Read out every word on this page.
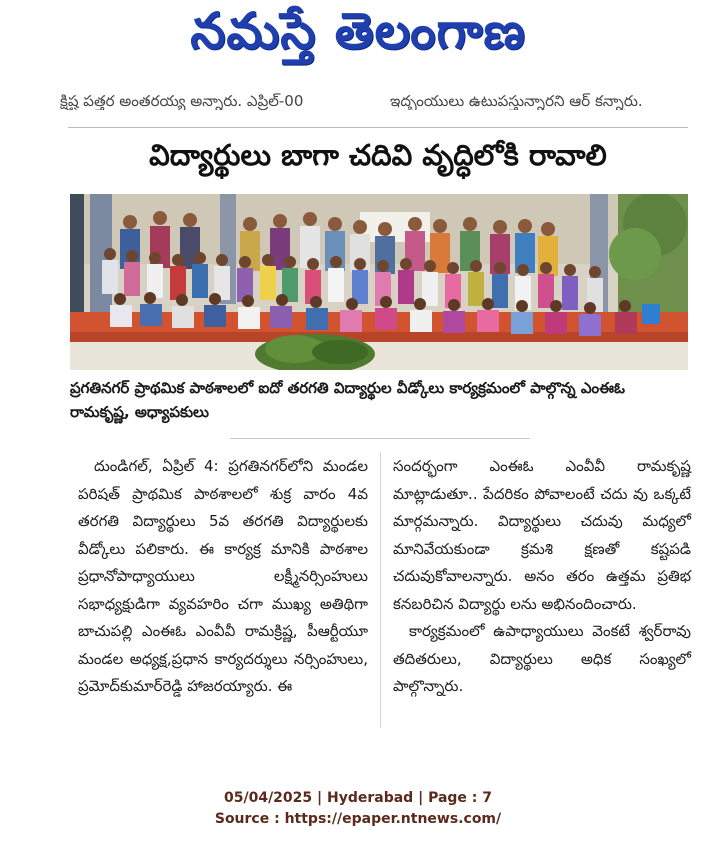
నమస్తే తెలంగాణ
క్షిష్ట పత్తర అంతరయ్య అన్నారు. ఎప్రిల్-00	ఇద్భంయులు ఉటుపస్తున్నారని ఆర్ కన్నారు.
విద్యార్థులు బాగా చదివి వృద్ధిలోకి రావాలి
ప్రగతినగర్ ప్రాథమిక పాఠశాలలో ఐదో తరగతి విద్యార్థుల వీడ్కోలు కార్యక్రమంలో పాల్గొన్న ఎంఈఓ రామకృష్ణ, అధ్యాపకులు

దుండిగల్, ఏప్రిల్ 4: ప్రగతినగర్‌లోని మండల పరిషత్ ప్రాథమిక పాఠశాలలో శుక్ర వారం 4వ తరగతి విద్యార్థులు 5వ తరగతి విద్యార్థులకు వీడ్కోలు పలికారు. ఈ కార్యక్ర మానికి పాఠశాల ప్రధానోపాధ్యాయులు లక్ష్మీనర్సింహులు సభాధ్యక్షుడిగా వ్యవహరిం చగా ముఖ్య అతిథిగా బాచుపల్లి ఎంఈఓ ఎంవీవీ రామక్రిష్ణ, పీఆర్టీయూ మండల అధ్యక్ష,ప్రధాన కార్యదర్శులు నర్సింహులు, ప్రమోద్‌కుమార్‌రెడ్డి హాజరయ్యారు. ఈ

సందర్భంగా ఎంఈఓ ఎంవీవీ రామకృష్ణ మాట్లాడుతూ.. పేదరికం పోవాలంటే చదు వు ఒక్కటే మార్గమన్నారు. విద్యార్థులు చదువు మధ్యలో మానివేయకుండా క్రమశి క్షణతో కష్టపడి చదువుకోవాలన్నారు. అనం తరం ఉత్తమ ప్రతిభ కనబరిచిన విద్యార్థు లను అభినందించారు.

కార్యక్రమంలో ఉపాధ్యాయులు వెంకటే శ్వర్‌రావు తదితరులు, విద్యార్థులు అధిక సంఖ్యలో పాల్గొన్నారు.

05/04/2025 | Hyderabad | Page : 7
Source : https://epaper.ntnews.com/
